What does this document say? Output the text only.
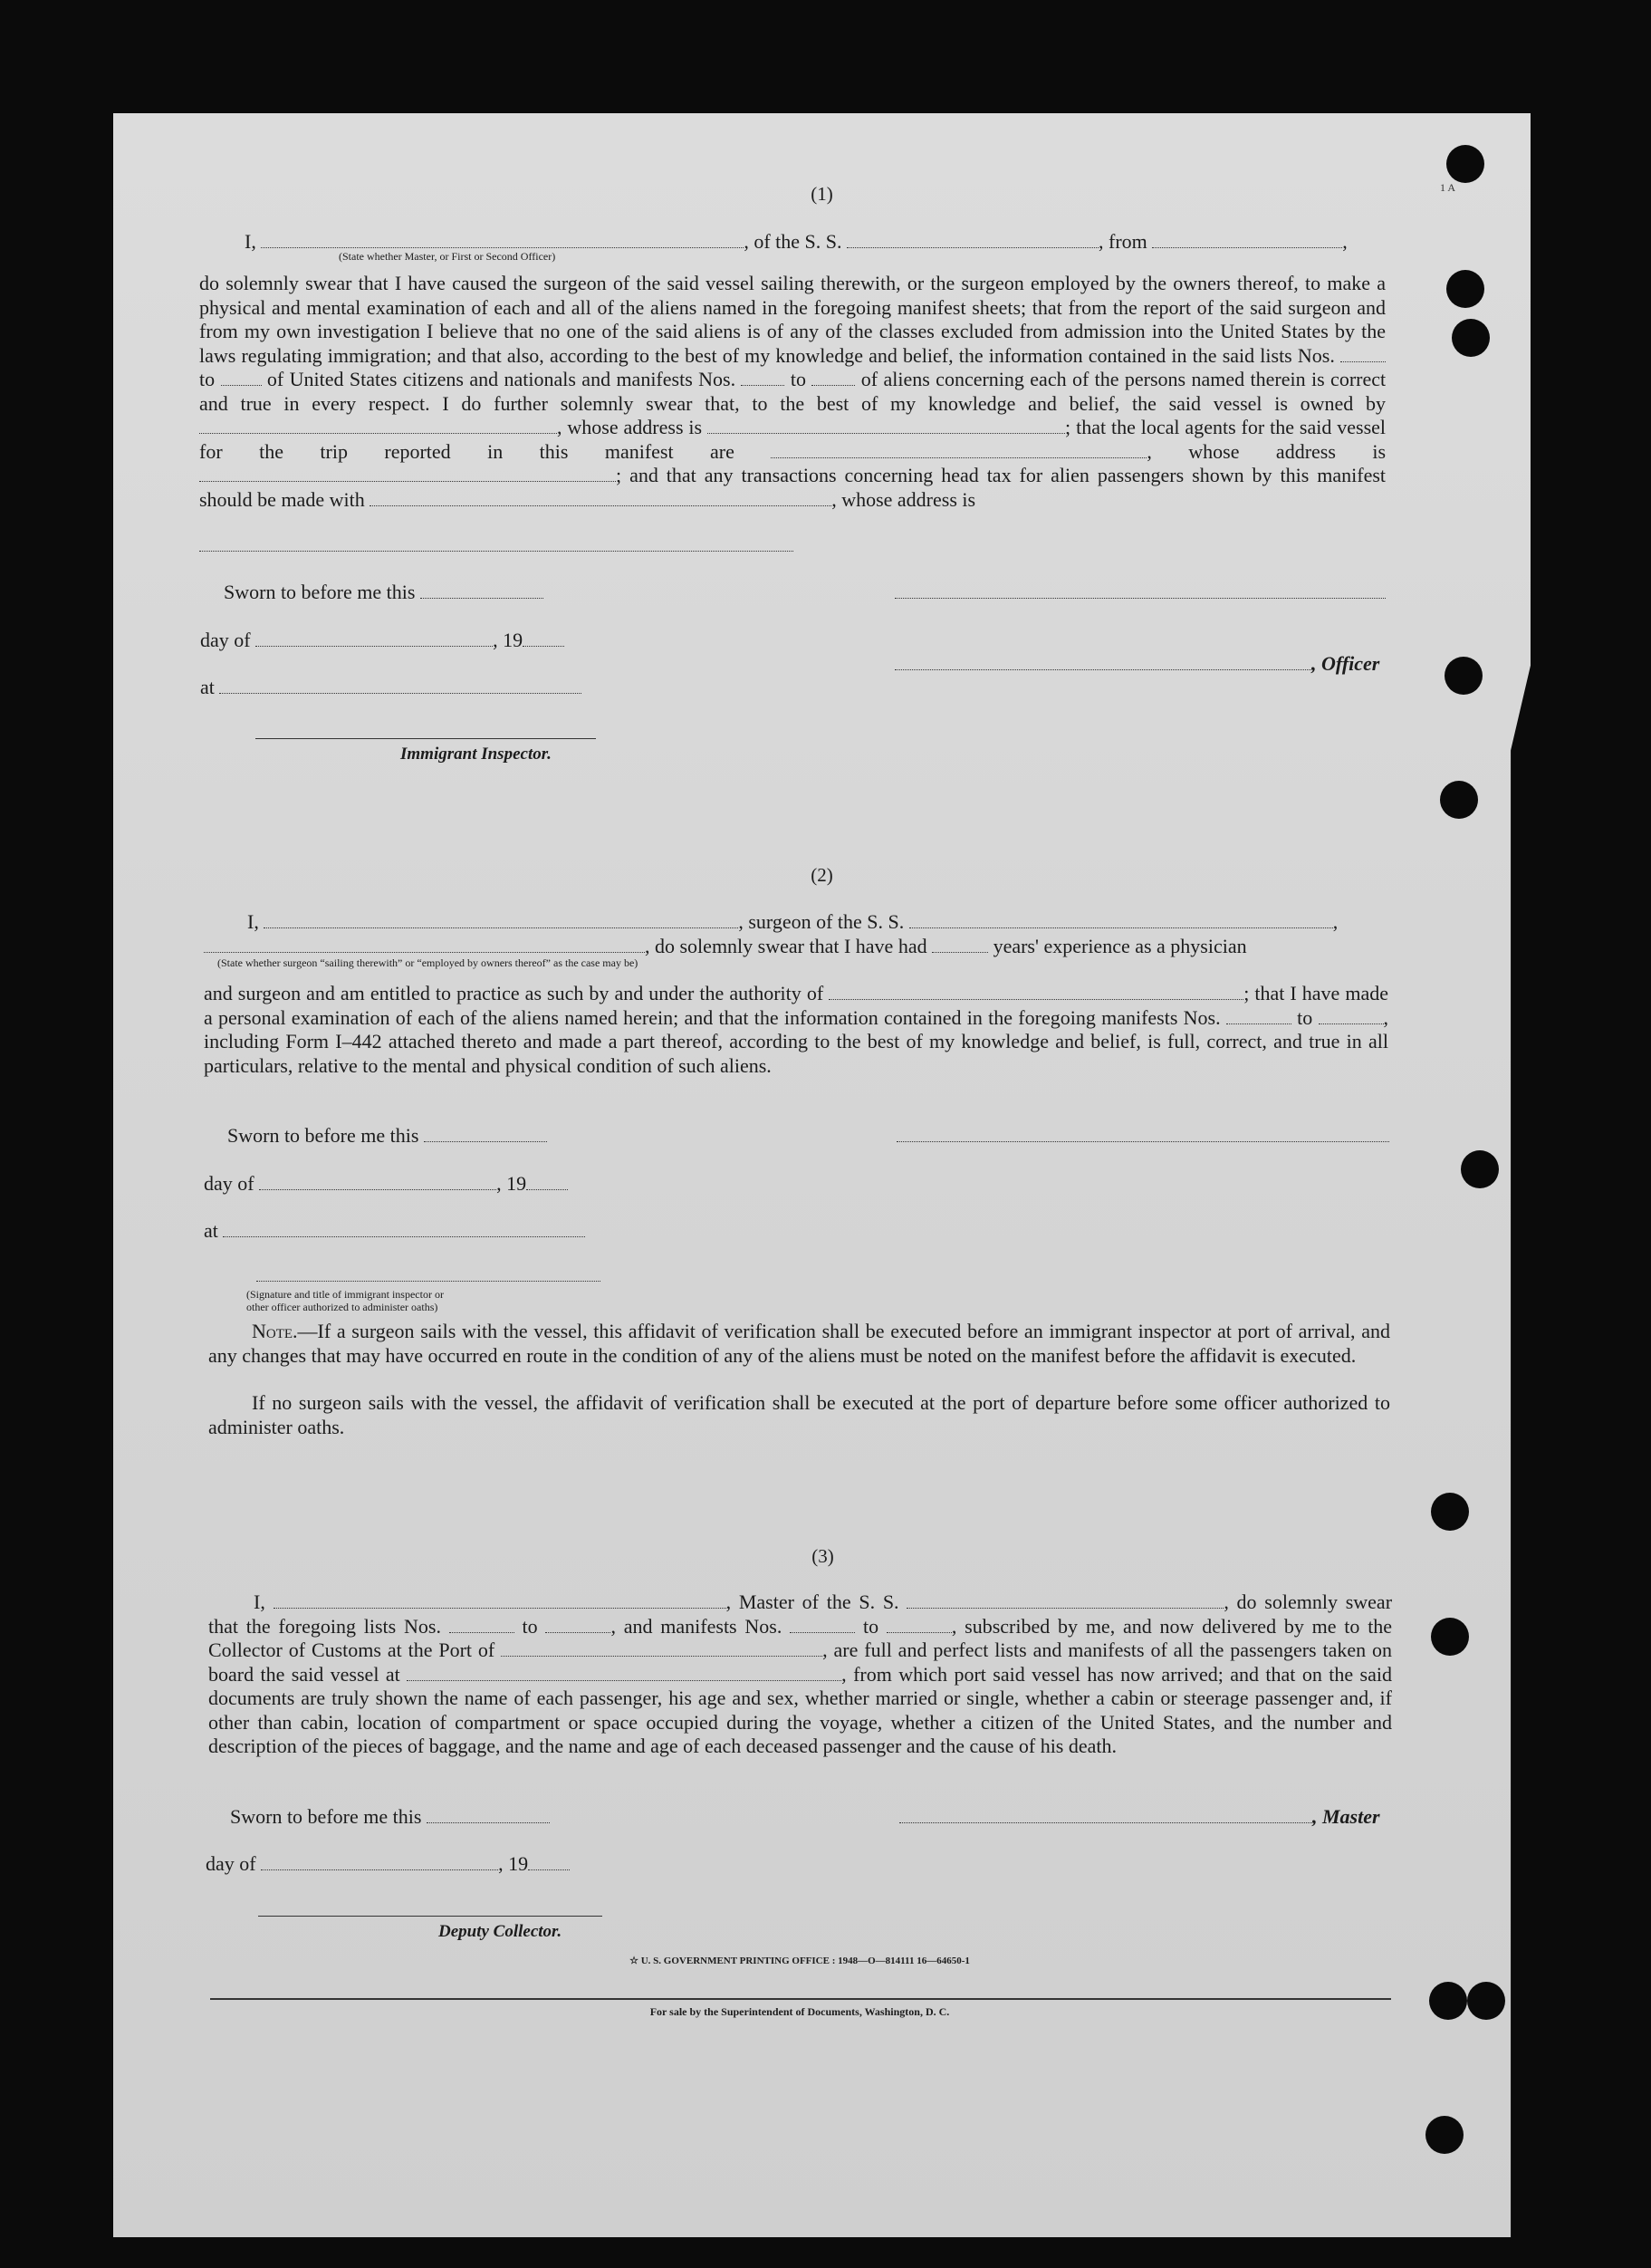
1 A
(1)
I,	, of the S. S.	, from	,
(State whether Master, or First or Second Officer)
do solemnly swear that I have caused the surgeon of the said vessel sailing therewith, or the surgeon employed by the owners thereof, to make a physical and mental examination of each and all of the aliens named in the foregoing manifest sheets; that from the report of the said surgeon and from my own investigation I believe that no one of the said aliens is of any of the classes excluded from admission into the United States by the laws regulating immigration; and that also, according to the best of my knowledge and belief, the information contained in the said lists Nos.  to	of United States citizens and nationals and manifests Nos.	to	of aliens concerning each of the persons named therein is correct and true in every respect. I do further solemnly swear that, to the best of my knowledge and belief, the said vessel is owned by , whose address is	; that the local agents for the said vessel for the trip reported in this manifest are	, whose address is ; and that any transactions concerning head tax for alien passengers shown by this manifest should be made with	, whose address is
Sworn to before me this
day of	, 19
, Officer
at
Immigrant Inspector.
(2)
I,	, surgeon of the S. S.	,
, do solemnly swear that I have had	years' experience as a physician
(State whether surgeon “sailing therewith” or “employed by owners thereof” as the case may be)
and surgeon and am entitled to practice as such by and under the authority of	; that I have made a personal examination of each of the aliens named herein; and that the information contained in the foregoing manifests Nos.	to	, including Form I–442 attached thereto and made a part thereof, according to the best of my knowledge and belief, is full, correct, and true in all particulars, relative to the mental and physical condition of such aliens.
Sworn to before me this
day of	, 19
at
(Signature and title of immigrant inspector or
other officer authorized to administer oaths)
Note.—If a surgeon sails with the vessel, this affidavit of verification shall be executed before an immigrant inspector at port of arrival, and any changes that may have occurred en route in the condition of any of the aliens must be noted on the manifest before the affidavit is executed.
If no surgeon sails with the vessel, the affidavit of verification shall be executed at the port of departure before some officer authorized to administer oaths.
(3)
I,	, Master of the S. S.	, do solemnly swear that the foregoing lists Nos.	to	, and manifests Nos.	to	, subscribed by me, and now delivered by me to the Collector of Customs at the Port of	, are full and perfect lists and manifests of all the passengers taken on board the said vessel at	, from which port said vessel has now arrived; and that on the said documents are truly shown the name of each passenger, his age and sex, whether married or single, whether a cabin or steerage passenger and, if other than cabin, location of compartment or space occupied during the voyage, whether a citizen of the United States, and the number and description of the pieces of baggage, and the name and age of each deceased passenger and the cause of his death.
Sworn to before me this	, Master
day of	, 19
Deputy Collector.
☆ U. S. GOVERNMENT PRINTING OFFICE : 1948—O—814111 16—64650-1
For sale by the Superintendent of Documents, Washington, D. C.
